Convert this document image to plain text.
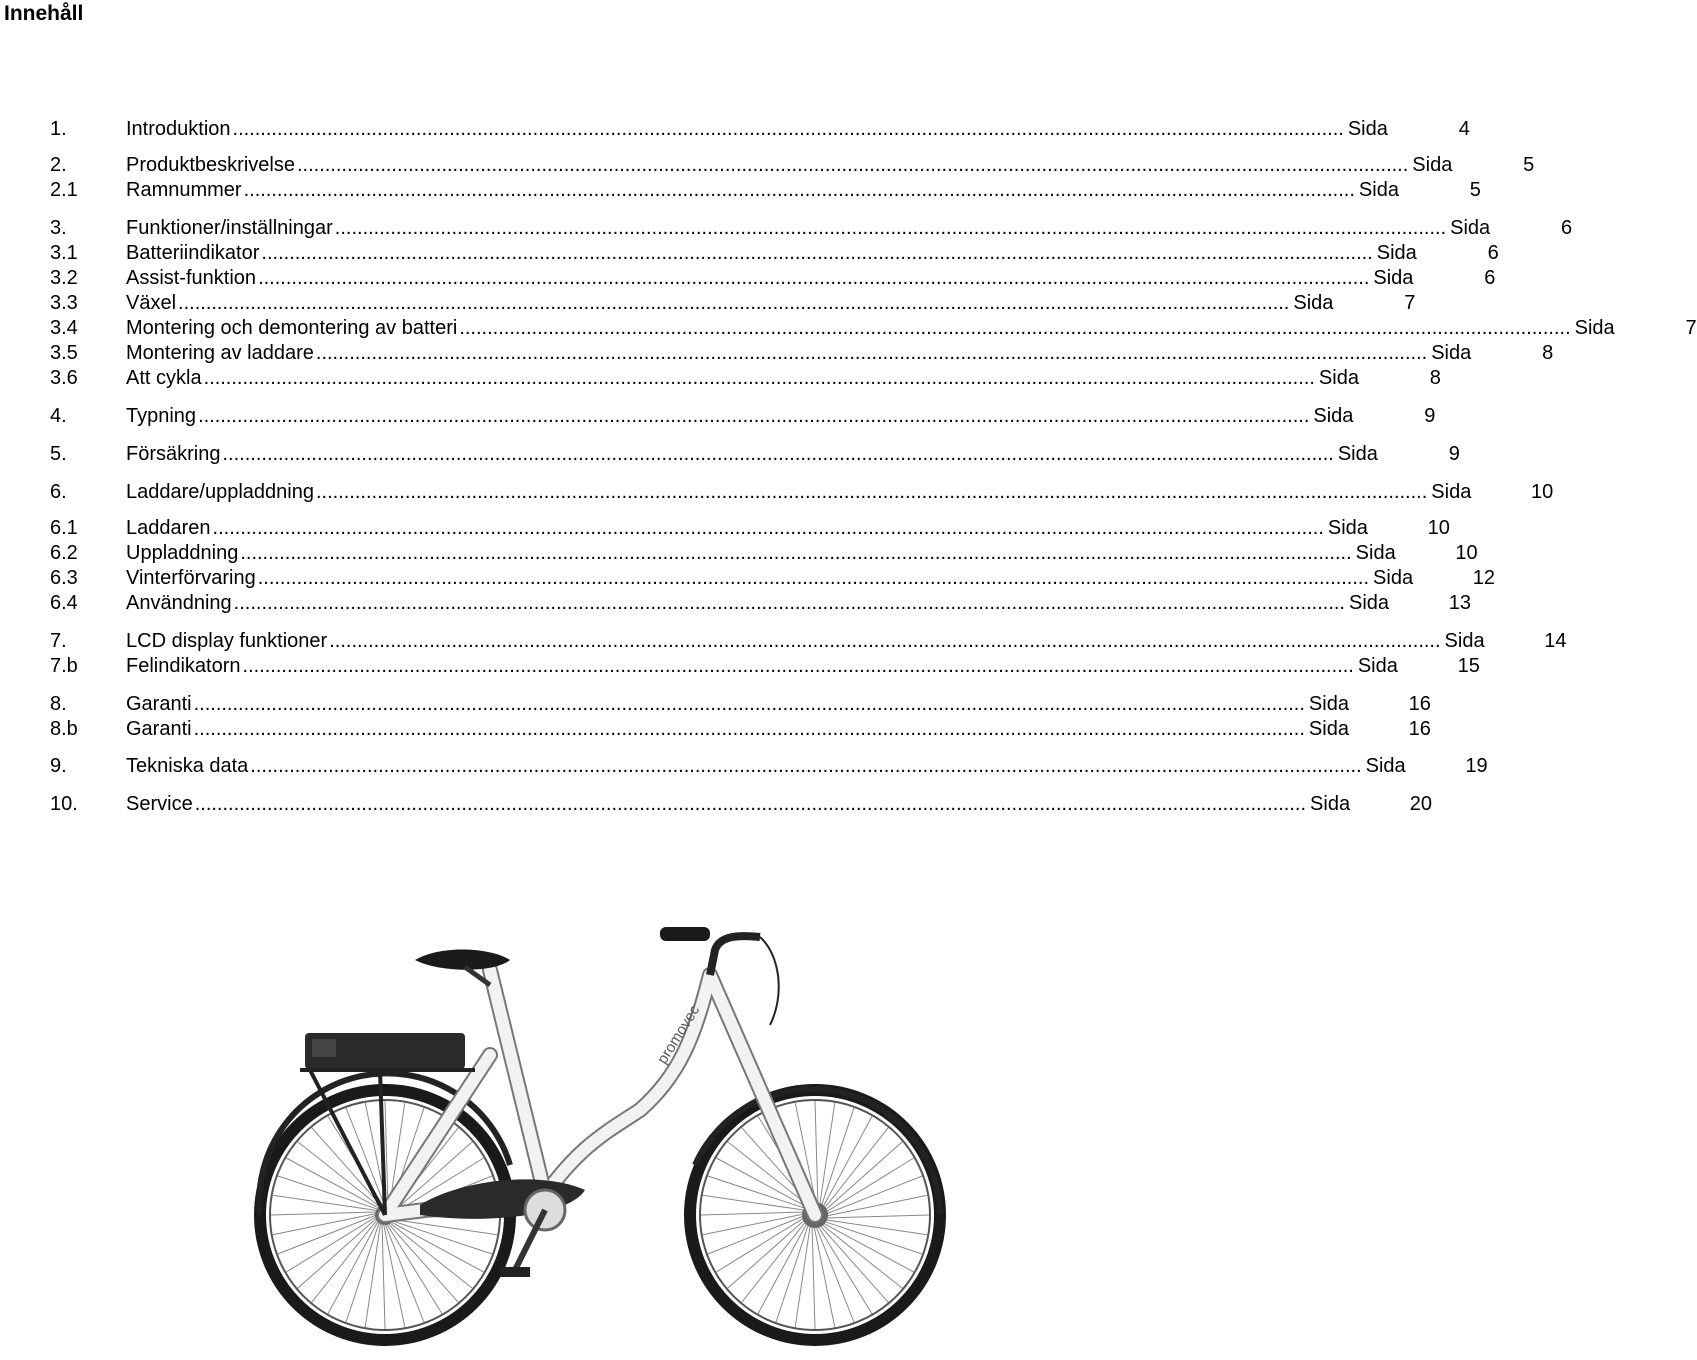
Innehåll
1.	Introduktion ........................................................................................................................................................................................................ Sida	4
2.	Produktbeskrivelse ........................................................................................................................................................................................................ Sida	5
2.1	Ramnummer ........................................................................................................................................................................................................ Sida	5
3.	Funktioner/inställningar ........................................................................................................................................................................................................ Sida	6
3.1	Batteriindikator ........................................................................................................................................................................................................ Sida	6
3.2	Assist-funktion ........................................................................................................................................................................................................ Sida	6
3.3	Växel ........................................................................................................................................................................................................ Sida	7
3.4	Montering och demontering av batteri ........................................................................................................................................................................................................ Sida	7
3.5	Montering av laddare ........................................................................................................................................................................................................ Sida	8
3.6	Att cykla ........................................................................................................................................................................................................ Sida	8
4.	Typning ........................................................................................................................................................................................................ Sida	9
5.	Försäkring ........................................................................................................................................................................................................ Sida	9
6.	Laddare/uppladdning ........................................................................................................................................................................................................ Sida	10
6.1	Laddaren ........................................................................................................................................................................................................ Sida	10
6.2	Uppladdning ........................................................................................................................................................................................................ Sida	10
6.3	Vinterförvaring ........................................................................................................................................................................................................ Sida	12
6.4	Användning ........................................................................................................................................................................................................ Sida	13
7.	LCD display funktioner ........................................................................................................................................................................................................ Sida	14
7.b	Felindikatorn ........................................................................................................................................................................................................ Sida	15
8.	Garanti ........................................................................................................................................................................................................ Sida	16
8.b	Garanti ........................................................................................................................................................................................................ Sida	16
9.	Tekniska data ........................................................................................................................................................................................................ Sida	19
10.	Service ........................................................................................................................................................................................................ Sida	20
promovec
